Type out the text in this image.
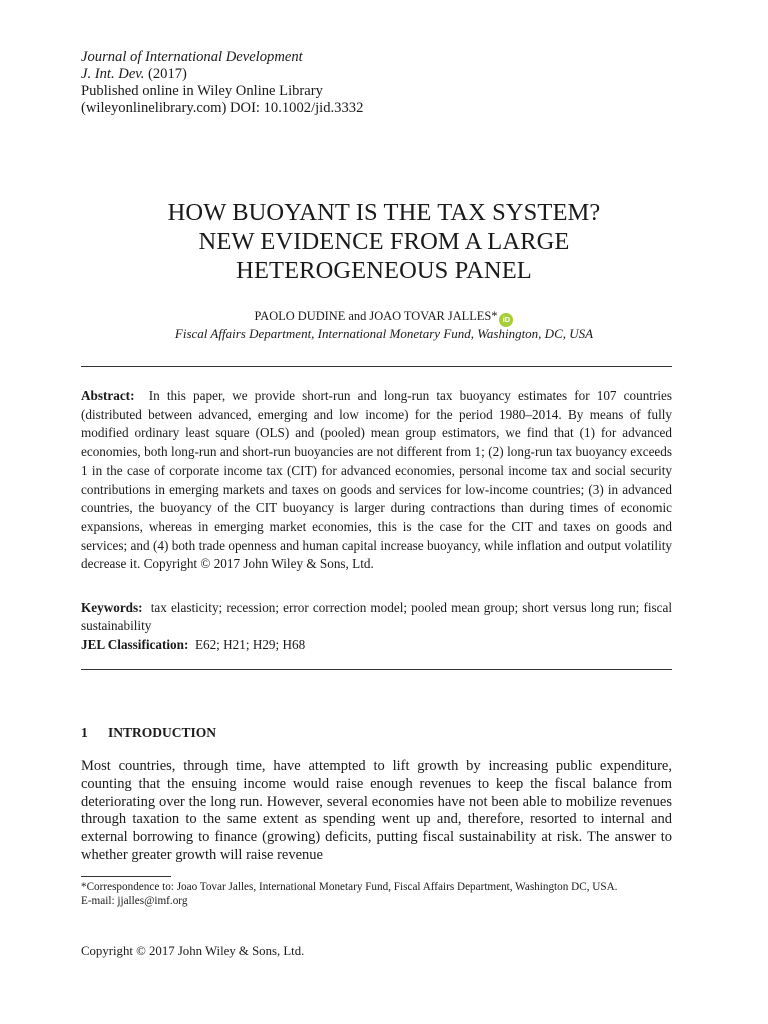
Journal of International Development
J. Int. Dev. (2017)
Published online in Wiley Online Library
(wileyonlinelibrary.com) DOI: 10.1002/jid.3332
HOW BUOYANT IS THE TAX SYSTEM?
NEW EVIDENCE FROM A LARGE
HETEROGENEOUS PANEL
PAOLO DUDINE and JOAO TOVAR JALLES* iD
Fiscal Affairs Department, International Monetary Fund, Washington, DC, USA

Abstract: In this paper, we provide short-run and long-run tax buoyancy estimates for 107 countries (distributed between advanced, emerging and low income) for the period 1980–2014. By means of fully modified ordinary least square (OLS) and (pooled) mean group estimators, we find that (1) for advanced economies, both long-run and short-run buoyancies are not different from 1; (2) long-run tax buoyancy exceeds 1 in the case of corporate income tax (CIT) for advanced economies, personal income tax and social security contributions in emerging markets and taxes on goods and services for low-income countries; (3) in advanced countries, the buoyancy of the CIT buoyancy is larger during contractions than during times of economic expansions, whereas in emerging market economies, this is the case for the CIT and taxes on goods and services; and (4) both trade openness and human capital increase buoyancy, while inflation and output volatility decrease it. Copyright © 2017 John Wiley & Sons, Ltd.

Keywords: tax elasticity; recession; error correction model; pooled mean group; short versus long run; fiscal sustainability

JEL Classification: E62; H21; H29; H68

1 INTRODUCTION

Most countries, through time, have attempted to lift growth by increasing public expenditure, counting that the ensuing income would raise enough revenues to keep the fiscal balance from deteriorating over the long run. However, several economies have not been able to mobilize revenues through taxation to the same extent as spending went up and, therefore, resorted to internal and external borrowing to finance (growing) deficits, putting fiscal sustainability at risk. The answer to whether greater growth will raise revenue

*Correspondence to: Joao Tovar Jalles, International Monetary Fund, Fiscal Affairs Department, Washington DC, USA.
E-mail: jjalles@imf.org
Copyright © 2017 John Wiley & Sons, Ltd.
